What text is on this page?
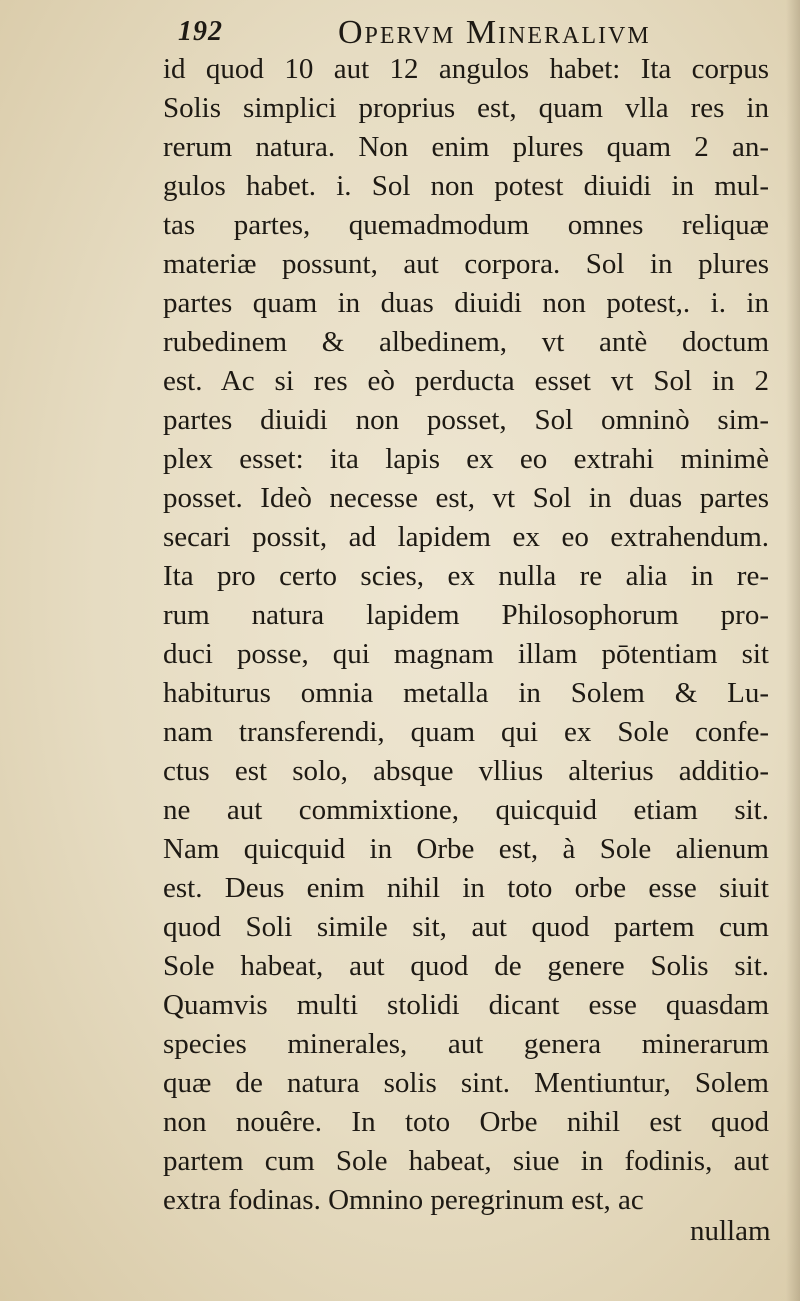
192	Opervm Mineralivm
id quod 10 aut 12 angulos habet: Ita corpus
Solis simplici proprius est, quam vlla res in
rerum natura. Non enim plures quam 2 an-
gulos habet. i. Sol non potest diuidi in mul-
tas partes, quemadmodum omnes reliquæ
materiæ possunt, aut corpora. Sol in plures
partes quam in duas diuidi non potest,. i. in
rubedinem & albedinem, vt antè doctum
est. Ac si res eò perducta esset vt Sol in 2
partes diuidi non posset, Sol omninò sim-
plex esset: ita lapis ex eo extrahi minimè
posset. Ideò necesse est, vt Sol in duas partes
secari possit, ad lapidem ex eo extrahendum.
Ita pro certo scies, ex nulla re alia in re-
rum natura lapidem Philosophorum pro-
duci posse, qui magnam illam pōtentiam sit
habiturus omnia metalla in Solem & Lu-
nam transferendi, quam qui ex Sole confe-
ctus est solo, absque vllius alterius additio-
ne aut commixtione, quicquid etiam sit.
Nam quicquid in Orbe est, à Sole alienum
est. Deus enim nihil in toto orbe esse siuit
quod Soli simile sit, aut quod partem cum
Sole habeat, aut quod de genere Solis sit.
Quamvis multi stolidi dicant esse quasdam
species minerales, aut genera minerarum
quæ de natura solis sint. Mentiuntur, Solem
non nouêre. In toto Orbe nihil est quod
partem cum Sole habeat, siue in fodinis, aut
extra fodinas. Omnino peregrinum est, ac
nullam
